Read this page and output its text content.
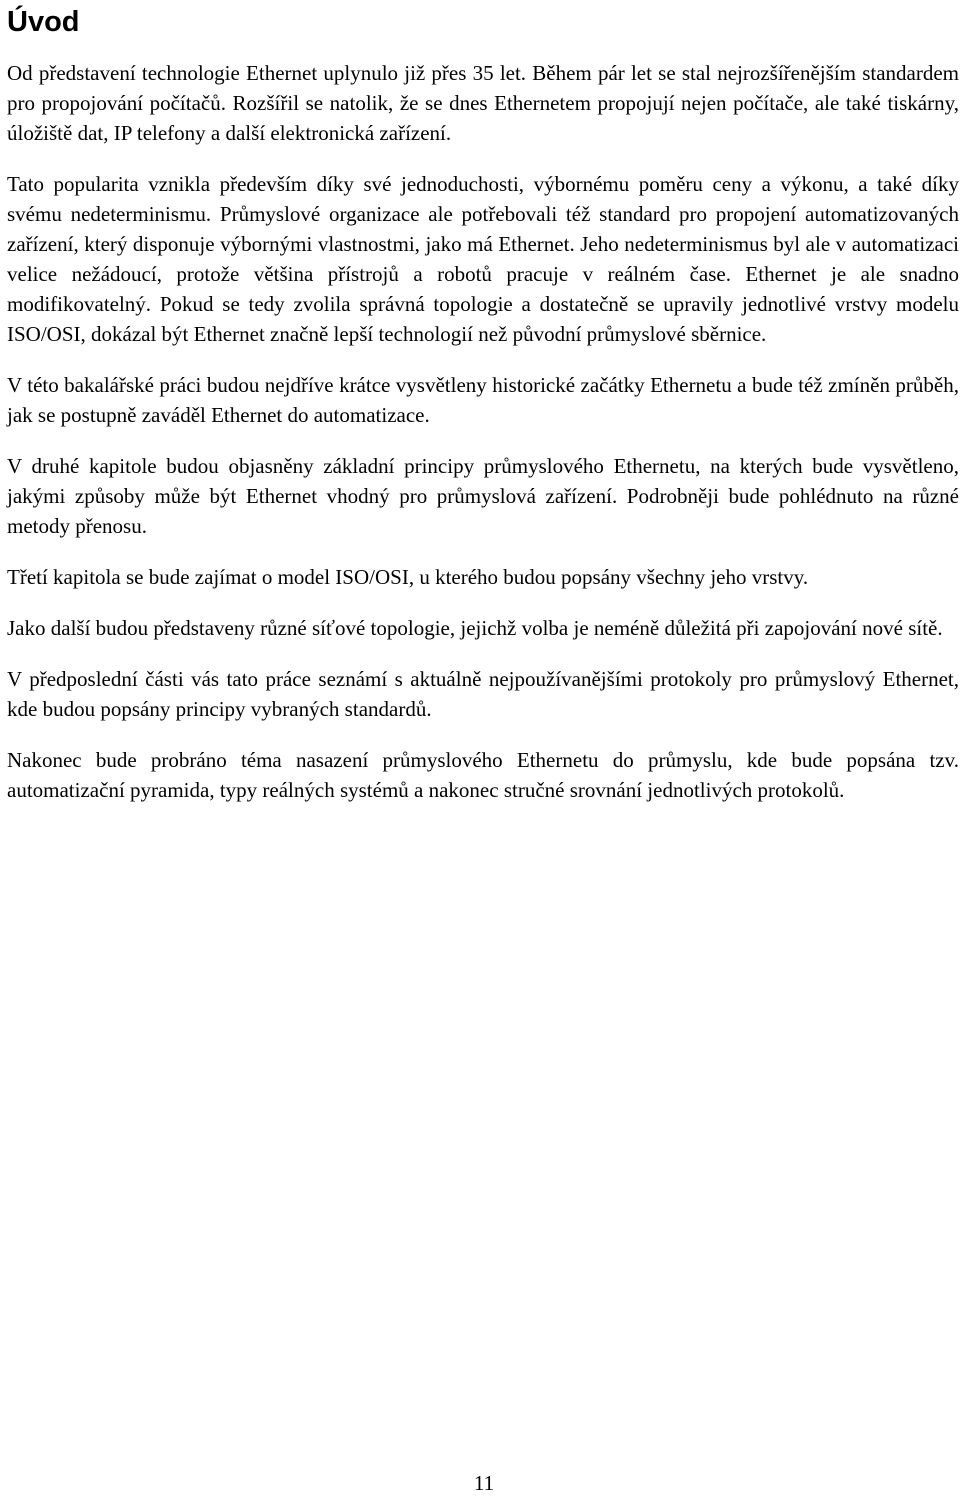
Úvod

Od představení technologie Ethernet uplynulo již přes 35 let. Během pár let se stal nejrozšířenějším standardem pro propojování počítačů. Rozšířil se natolik, že se dnes Ethernetem propojují nejen počítače, ale také tiskárny, úložiště dat, IP telefony a další elektronická zařízení.

Tato popularita vznikla především díky své jednoduchosti, výbornému poměru ceny a výkonu, a také díky svému nedeterminismu. Průmyslové organizace ale potřebovali též standard pro propojení automatizovaných zařízení, který disponuje výbornými vlastnostmi, jako má Ethernet. Jeho nedeterminismus byl ale v automatizaci velice nežádoucí, protože většina přístrojů a robotů pracuje v reálném čase. Ethernet je ale snadno modifikovatelný. Pokud se tedy zvolila správná topologie a dostatečně se upravily jednotlivé vrstvy modelu ISO/OSI, dokázal být Ethernet značně lepší technologií než původní průmyslové sběrnice.

V této bakalářské práci budou nejdříve krátce vysvětleny historické začátky Ethernetu a bude též zmíněn průběh, jak se postupně zaváděl Ethernet do automatizace.

V druhé kapitole budou objasněny základní principy průmyslového Ethernetu, na kterých bude vysvětleno, jakými způsoby může být Ethernet vhodný pro průmyslová zařízení. Podrobněji bude pohlédnuto na různé metody přenosu.

Třetí kapitola se bude zajímat o model ISO/OSI, u kterého budou popsány všechny jeho vrstvy.

Jako další budou představeny různé síťové topologie, jejichž volba je neméně důležitá při zapojování nové sítě.

V předposlední části vás tato práce seznámí s aktuálně nejpoužívanějšími protokoly pro průmyslový Ethernet, kde budou popsány principy vybraných standardů.

Nakonec bude probráno téma nasazení průmyslového Ethernetu do průmyslu, kde bude popsána tzv. automatizační pyramida, typy reálných systémů a nakonec stručné srovnání jednotlivých protokolů.

11
